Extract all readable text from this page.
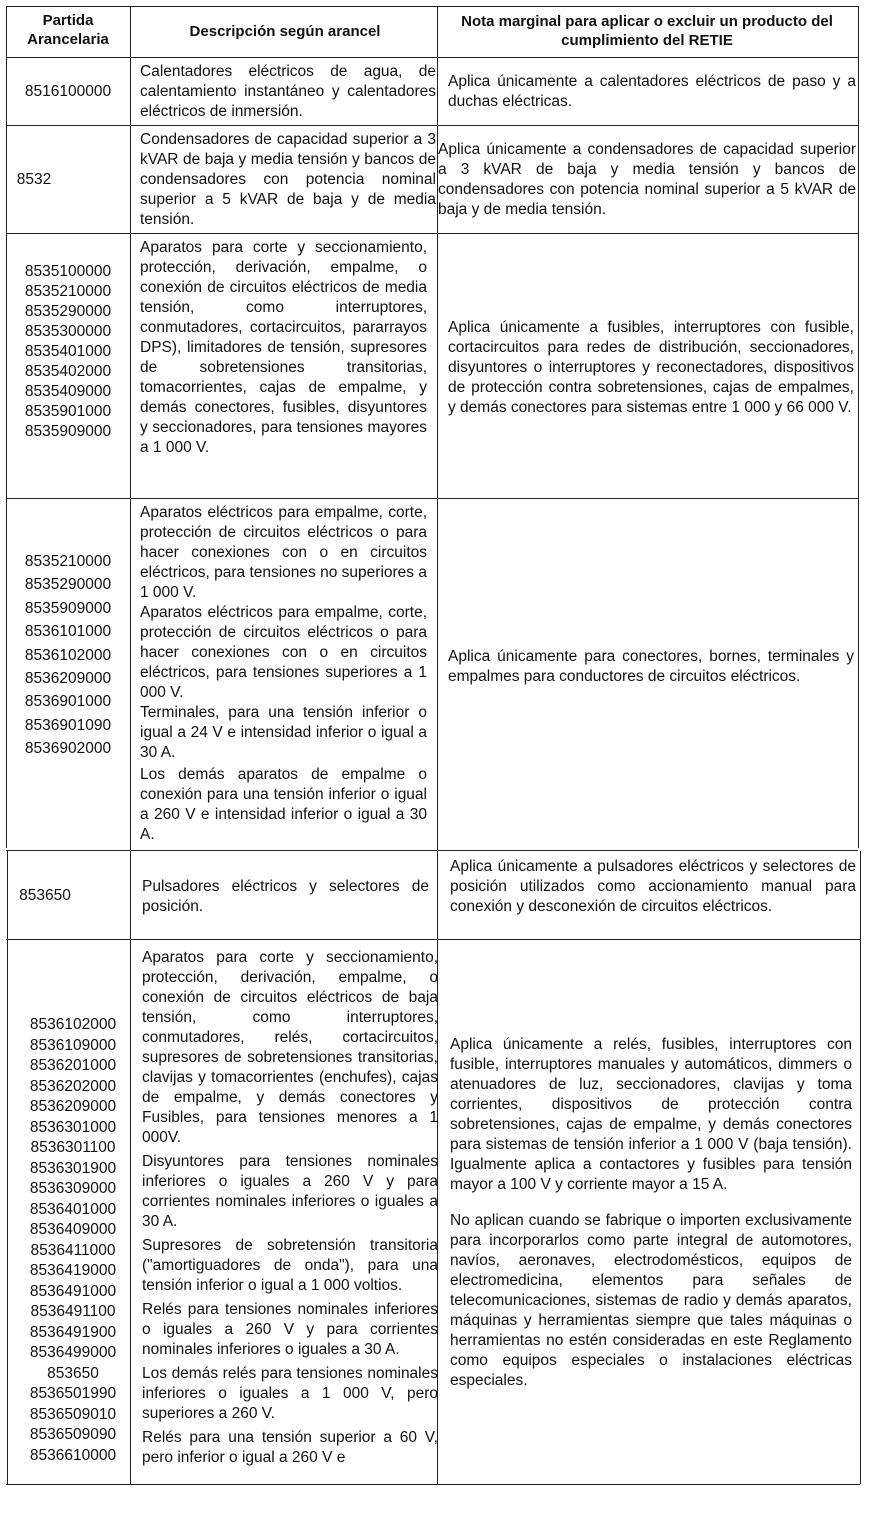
Partida Arancelaria	Descripción según arancel
Nota marginal para aplicar o excluir un producto del cumplimiento del RETIE
8516100000

Calentadores eléctricos de agua, de calentamiento instantáneo y calentadores eléctricos de inmersión.

Aplica únicamente a calentadores eléctricos de paso y a duchas eléctricas.

8532

Condensadores de capacidad superior a 3 kVAR de baja y media tensión y bancos de condensadores con potencia nominal superior a 5 kVAR de baja y de media tensión.

Aplica únicamente a condensadores de capacidad superior a 3 kVAR de baja y media tensión y bancos de condensadores con potencia nominal superior a 5 kVAR de baja y de media tensión.

8535100000
8535210000
8535290000
8535300000
8535401000
8535402000
8535409000
8535901000
8535909000

Aparatos para corte y seccionamiento, protección, derivación, empalme, o conexión de circuitos eléctricos de media tensión, como interruptores, conmutadores, cortacircuitos, pararrayos DPS), limitadores de tensión, supresores de sobretensiones transitorias, tomacorrientes, cajas de empalme, y demás conectores, fusibles, disyuntores y seccionadores, para tensiones mayores a 1 000 V.

Aplica únicamente a fusibles, interruptores con fusible, cortacircuitos para redes de distribución, seccionadores, disyuntores o interruptores y reconectadores, dispositivos de protección contra sobretensiones, cajas de empalmes, y demás conectores para sistemas entre 1 000 y 66 000 V.

8535210000
8535290000
8535909000
8536101000
8536102000
8536209000
8536901000
8536901090
8536902000

Aparatos eléctricos para empalme, corte, protección de circuitos eléctricos o para hacer conexiones con o en circuitos eléctricos, para tensiones no superiores a 1 000 V.

Aparatos eléctricos para empalme, corte, protección de circuitos eléctricos o para hacer conexiones con o en circuitos eléctricos, para tensiones superiores a 1 000 V.

Terminales, para una tensión inferior o igual a 24 V e intensidad inferior o igual a 30 A.

Los demás aparatos de empalme o conexión para una tensión inferior o igual a 260 V e intensidad inferior o igual a 30 A.

Aplica únicamente para conectores, bornes, terminales y empalmes para conductores de circuitos eléctricos.

853650

Pulsadores eléctricos y selectores de posición.

Aplica únicamente a pulsadores eléctricos y selectores de posición utilizados como accionamiento manual para conexión y desconexión de circuitos eléctricos.

8536102000
8536109000
8536201000
8536202000
8536209000
8536301000
8536301100
8536301900
8536309000
8536401000
8536409000
8536411000
8536419000
8536491000
8536491100
8536491900
8536499000
853650
8536501990
8536509010
8536509090
8536610000

Aparatos para corte y seccionamiento, protección, derivación, empalme, o conexión de circuitos eléctricos de baja tensión, como interruptores, conmutadores, relés, cortacircuitos, supresores de sobretensiones transitorias, clavijas y tomacorrientes (enchufes), cajas de empalme, y demás conectores y Fusibles, para tensiones menores a 1 000V.

Disyuntores para tensiones nominales inferiores o iguales a 260 V y para corrientes nominales inferiores o iguales a 30 A.

Supresores de sobretensión transitoria ("amortiguadores de onda"), para una tensión inferior o igual a 1 000 voltios.

Relés para tensiones nominales inferiores o iguales a 260 V y para corrientes nominales inferiores o iguales a 30 A.

Los demás relés para tensiones nominales inferiores o iguales a 1 000 V, pero superiores a 260 V.

Relés para una tensión superior a 60 V, pero inferior o igual a 260 V e

Aplica únicamente a relés, fusibles, interruptores con fusible, interruptores manuales y automáticos, dimmers o atenuadores de luz, seccionadores, clavijas y toma corrientes, dispositivos de protección contra sobretensiones, cajas de empalme, y demás conectores para sistemas de tensión inferior a 1 000 V (baja tensión). Igualmente aplica a contactores y fusibles para tensión mayor a 100 V y corriente mayor a 15 A.

No aplican cuando se fabrique o importen exclusivamente para incorporarlos como parte integral de automotores, navíos, aeronaves, electrodomésticos, equipos de electromedicina, elementos para señales de telecomunicaciones, sistemas de radio y demás aparatos, máquinas y herramientas siempre que tales máquinas o herramientas no estén consideradas en este Reglamento como equipos especiales o instalaciones eléctricas especiales.
